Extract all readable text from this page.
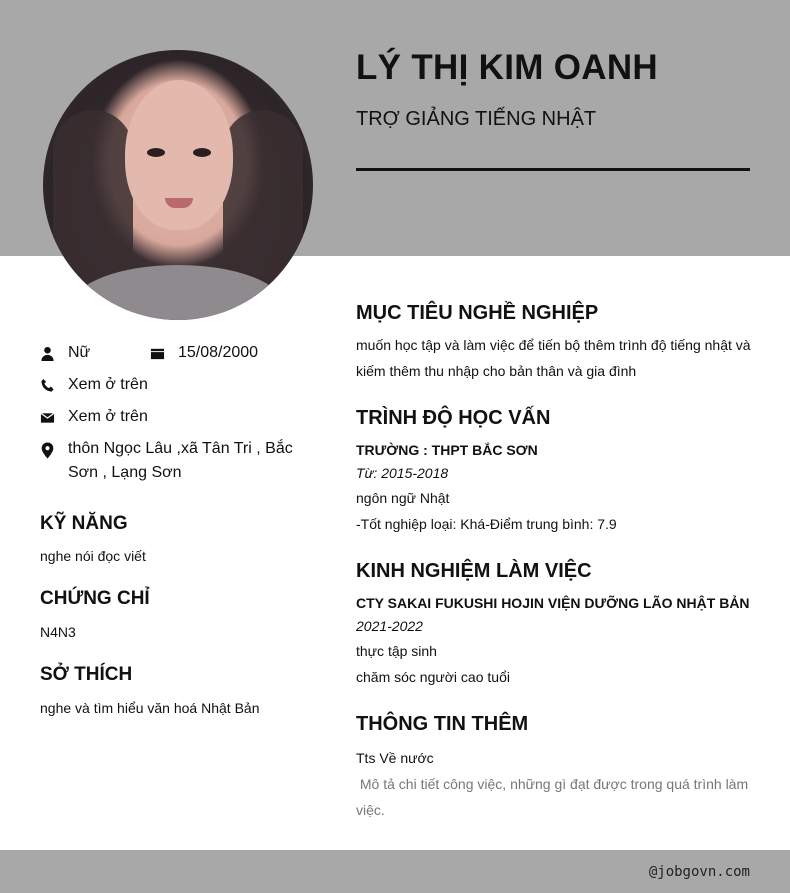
LÝ THỊ KIM OANH
TRỢ GIẢNG TIẾNG NHẬT
Nữ	15/08/2000
Xem ở trên
Xem ở trên
thôn Ngọc Lâu ,xã Tân Tri , Bắc Sơn , Lạng Sơn
KỸ NĂNG

nghe nói đọc viết

CHỨNG CHỈ

N4N3

SỞ THÍCH

nghe và tìm hiểu văn hoá Nhật Bản

MỤC TIÊU NGHỀ NGHIỆP

muốn học tập và làm việc để tiến bộ thêm trình độ tiếng nhật và kiếm thêm thu nhập cho bản thân và gia đình

TRÌNH ĐỘ HỌC VẤN

TRƯỜNG : THPT BẮC SƠN

Từ: 2015-2018

ngôn ngữ Nhật

-Tốt nghiệp loại: Khá-Điểm trung bình: 7.9

KINH NGHIỆM LÀM VIỆC

CTY SAKAI FUKUSHI HOJIN VIỆN DƯỠNG LÃO NHẬT BẢN

2021-2022

thực tập sinh

chăm sóc người cao tuổi

THÔNG TIN THÊM

Tts Về nước

Mô tả chi tiết công việc, những gì đạt được trong quá trình làm việc.

@jobgovn.com
